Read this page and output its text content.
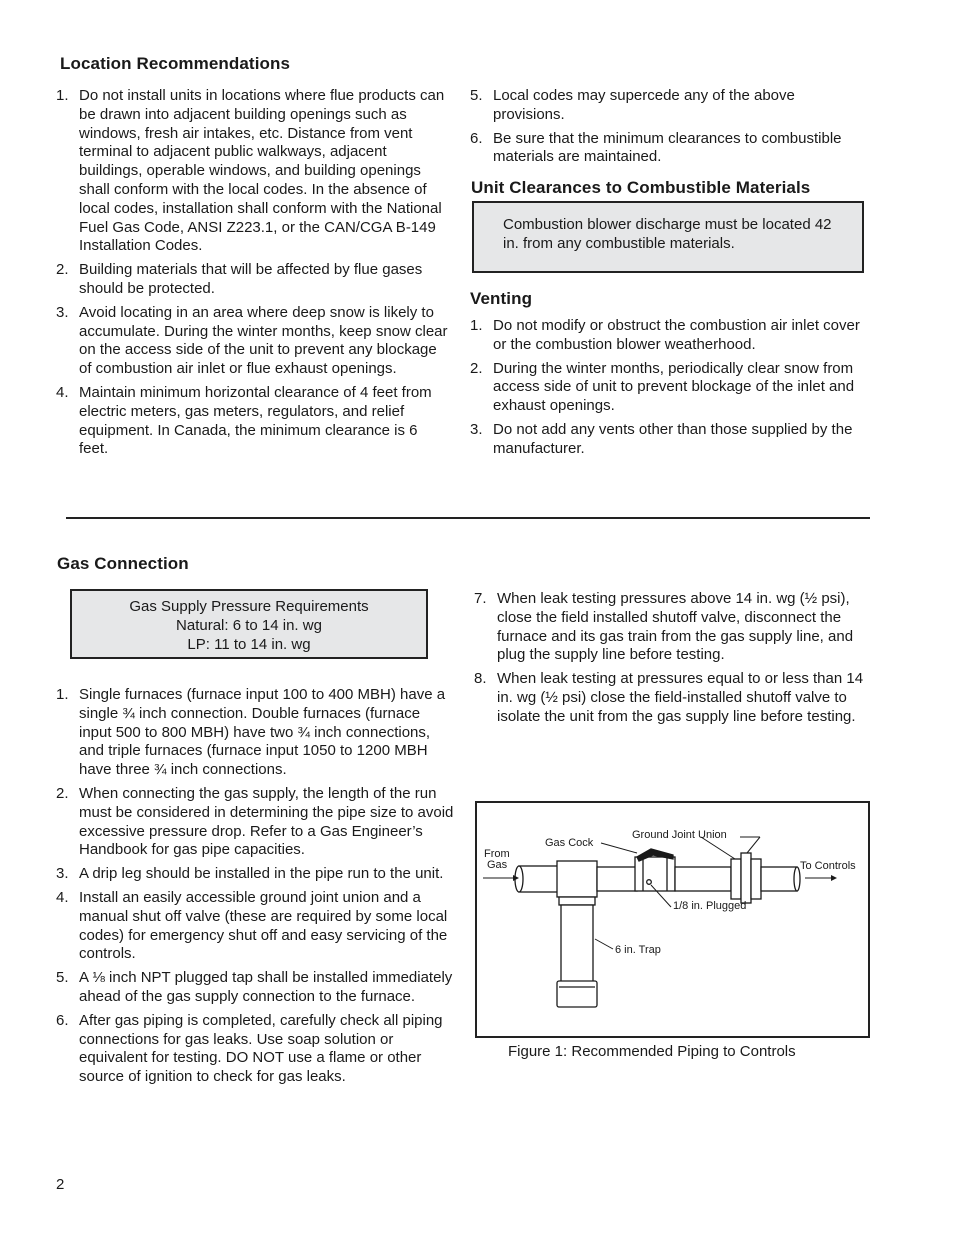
Location Recommendations
1. Do not install units in locations where flue products can be drawn into adjacent building openings such as windows, fresh air intakes, etc. Distance from vent terminal to adjacent public walkways, adjacent buildings, operable windows, and building openings shall conform with the local codes. In the absence of local codes, installation shall conform with the National Fuel Gas Code, ANSI Z223.1, or the CAN/CGA B-149 Installation Codes.
2. Building materials that will be affected by flue gases should be protected.
3. Avoid locating in an area where deep snow is likely to accumulate. During the winter months, keep snow clear on the access side of the unit to prevent any blockage of combustion air inlet or flue exhaust openings.
4. Maintain minimum horizontal clearance of 4 feet from electric meters, gas meters, regulators, and relief equipment. In Canada, the minimum clearance is 6 feet.
5. Local codes may supercede any of the above provisions.
6. Be sure that the minimum clearances to combustible materials are maintained.
Unit Clearances to Combustible Materials
Combustion blower discharge must be located 42 in. from any combustible materials.
Venting
1. Do not modify or obstruct the combustion air inlet cover or the combustion blower weatherhood.
2. During the winter months, periodically clear snow from access side of unit to prevent blockage of the inlet and exhaust openings.
3. Do not add any vents other than those supplied by the manufacturer.
Gas Connection
Gas Supply Pressure Requirements
Natural: 6 to 14 in. wg
LP: 11 to 14 in. wg
1. Single furnaces (furnace input 100 to 400 MBH) have a single ¾ inch connection. Double furnaces (furnace input 500 to 800 MBH) have two ¾ inch connections, and triple furnaces (furnace input 1050 to 1200 MBH have three ¾ inch connections.
2. When connecting the gas supply, the length of the run must be considered in determining the pipe size to avoid excessive pressure drop. Refer to a Gas Engineer’s Handbook for gas pipe capacities.
3. A drip leg should be installed in the pipe run to the unit.
4. Install an easily accessible ground joint union and a manual shut off valve (these are required by some local codes) for emergency shut off and easy servicing of the controls.
5. A ⅛ inch NPT plugged tap shall be installed immediately ahead of the gas supply connection to the furnace.
6. After gas piping is completed, carefully check all piping connections for gas leaks. Use soap solution or equivalent for testing. DO NOT use a flame or other source of ignition to check for gas leaks.
7. When leak testing pressures above 14 in. wg (½ psi), close the field installed shutoff valve, disconnect the furnace and its gas train from the gas supply line, and plug the supply line before testing.
8. When leak testing at pressures equal to or less than 14 in. wg (½ psi) close the field-installed shutoff valve to isolate the unit from the gas supply line before testing.
From
Gas
Gas Cock
Ground Joint Union
To Controls
1/8 in. Plugged
6 in. Trap
Figure 1: Recommended Piping to Controls
2
